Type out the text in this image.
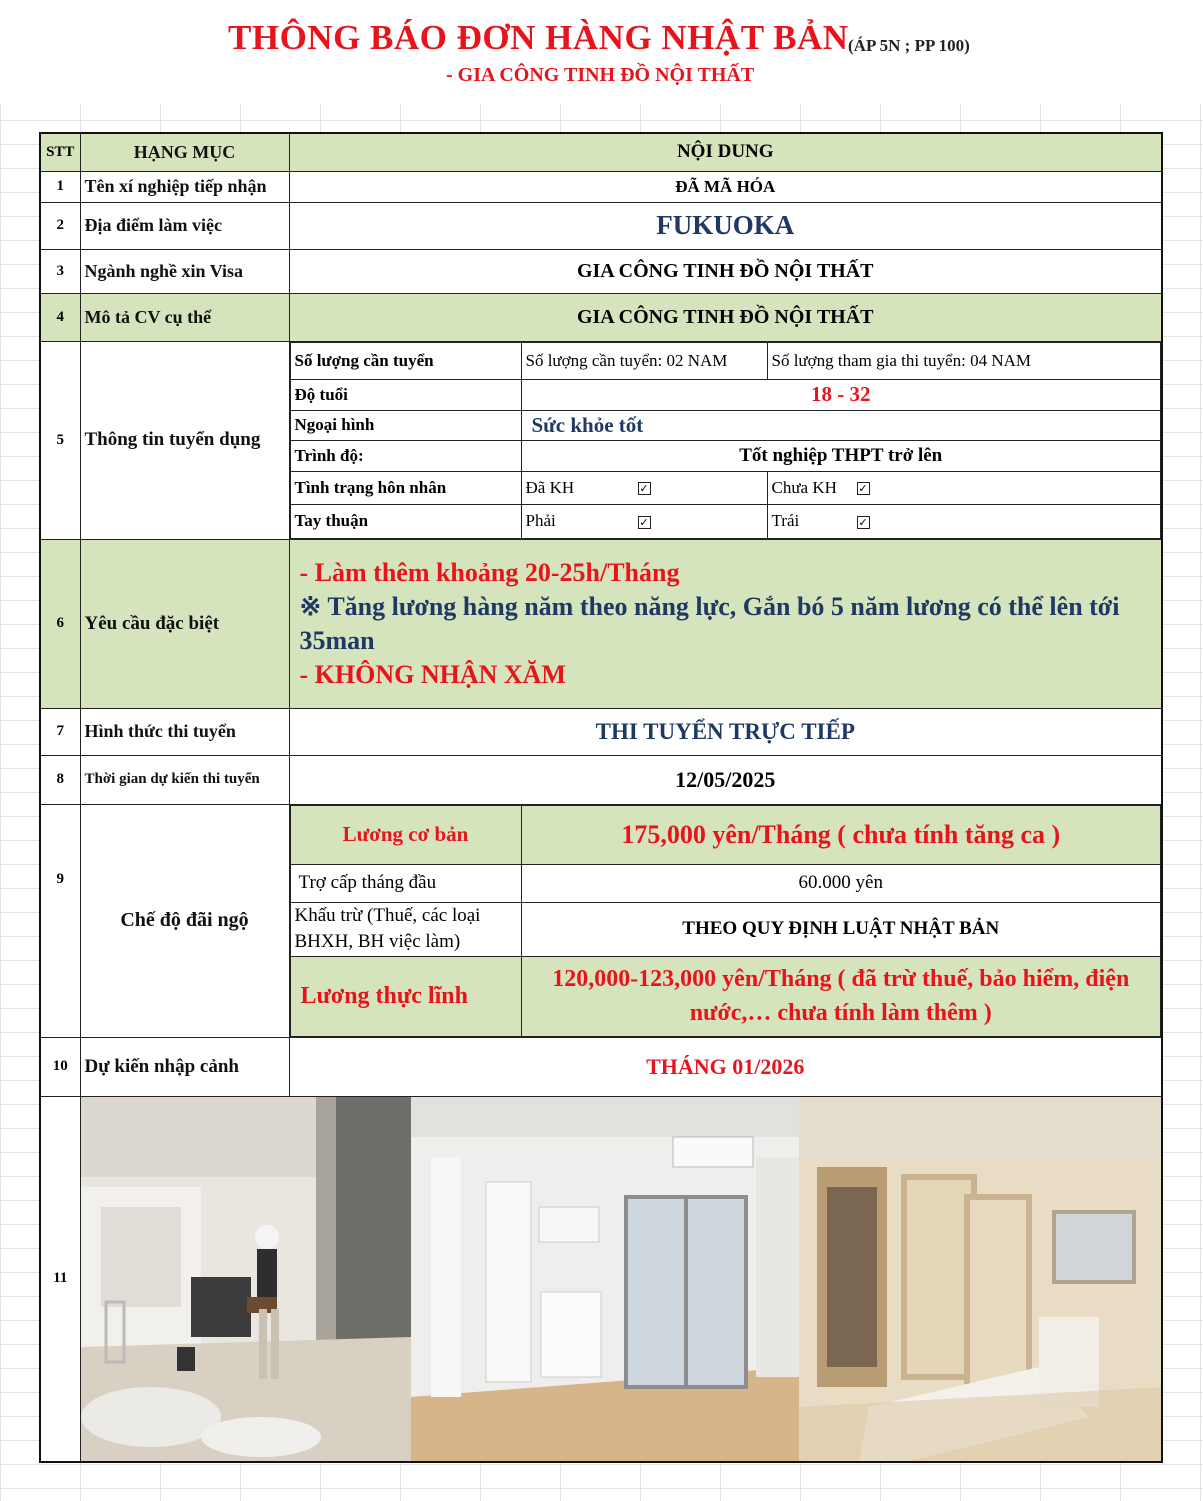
THÔNG BÁO ĐƠN HÀNG NHẬT BẢN (ÁP 5N ; PP 100)
- GIA CÔNG TINH ĐỒ NỘI THẤT
STT	HẠNG MỤC	NỘI DUNG
1	Tên xí nghiệp tiếp nhận	ĐÃ MÃ HÓA
2	Địa điểm làm việc	FUKUOKA
3	Ngành nghề xin Visa	GIA CÔNG TINH ĐỒ NỘI THẤT
4	Mô tả CV cụ thể	GIA CÔNG TINH ĐỒ NỘI THẤT
5	Thông tin tuyển dụng	
Số lượng cần tuyển	Số lượng cần tuyển: 02 NAM	Số lượng tham gia thi tuyển: 04 NAM
Độ tuổi	18 - 32
Ngoại hình	Sức khỏe tốt
Trình độ:	Tốt nghiệp THPT trở lên
Tình trạng hôn nhân	Đã KH	✓	Chưa KH ✓
Tay thuận	Phải	✓	Trái	✓

6	Yêu cầu đặc biệt	
- Làm thêm khoảng 20-25h/Tháng
※ Tăng lương hàng năm theo năng lực, Gắn bó 5 năm lương có thể lên tới 35man
- KHÔNG NHẬN XĂM

7	Hình thức thi tuyển	THI TUYỂN TRỰC TIẾP
8	Thời gian dự kiến thi tuyển	12/05/2025
9	Chế độ đãi ngộ	
Lương cơ bản	175,000 yên/Tháng ( chưa tính tăng ca )
Trợ cấp tháng đầu	60.000 yên
Khấu trừ (Thuế, các loại BHXH, BH việc làm)	THEO QUY ĐỊNH LUẬT NHẬT BẢN
Lương thực lĩnh	120,000-123,000 yên/Tháng ( đã trừ thuế, bảo hiểm, điện nước,… chưa tính làm thêm )

10	Dự kiến nhập cảnh	THÁNG 01/2026
11	
